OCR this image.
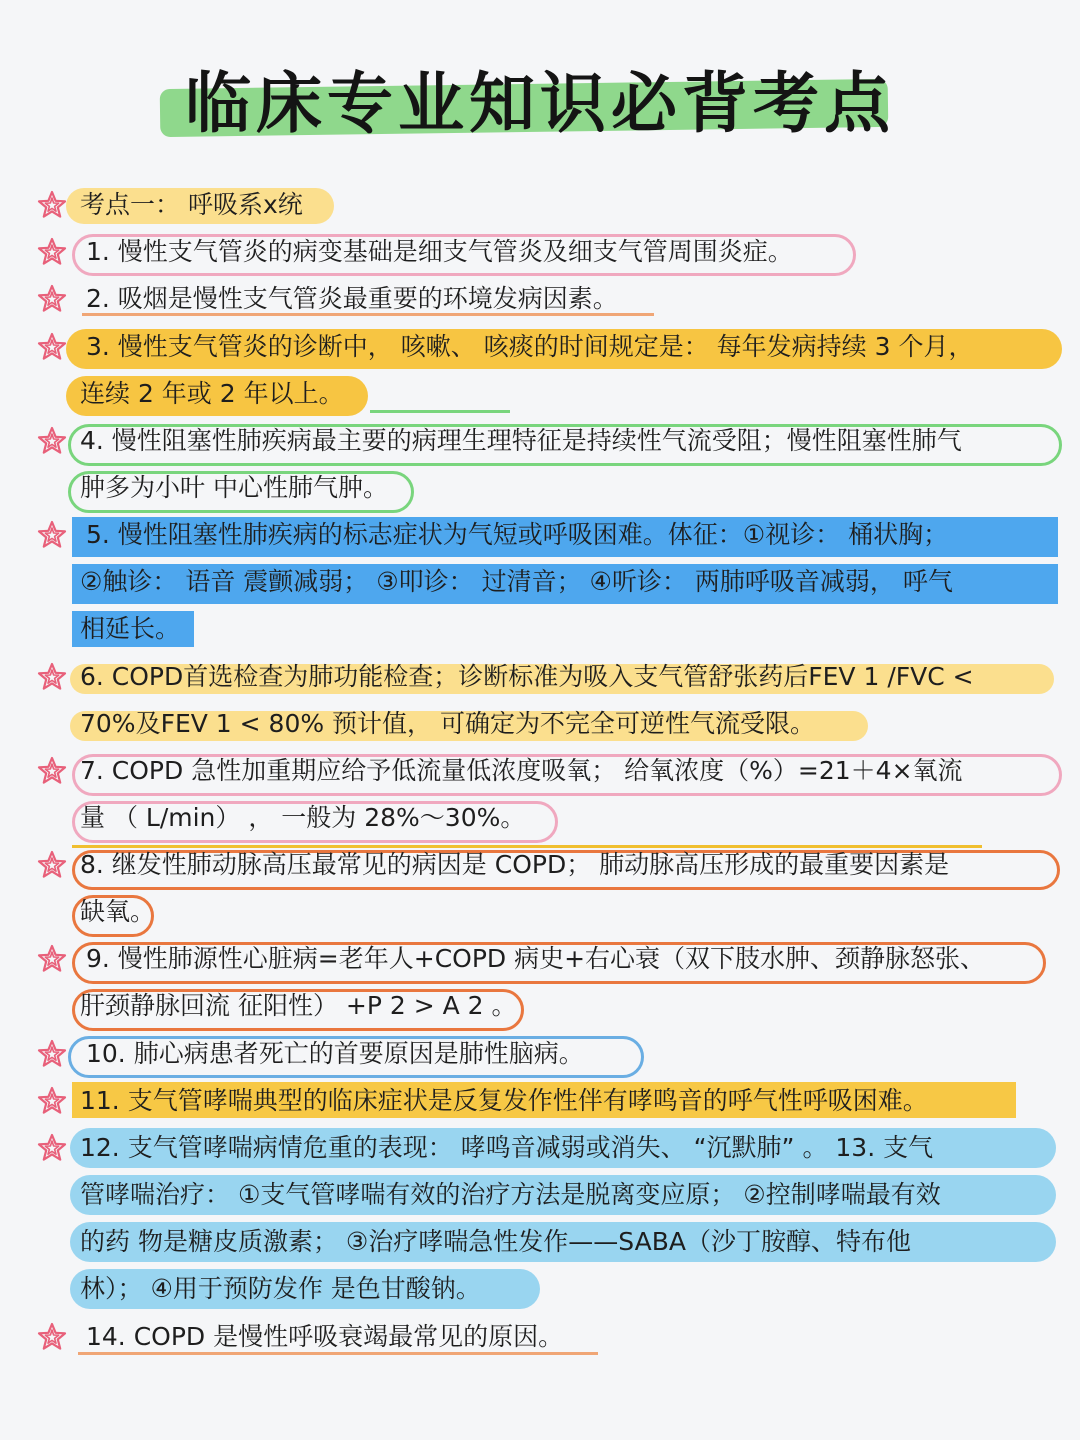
临床专业知识必背考点
考点一： 呼吸系x统
1. 慢性支气管炎的病变基础是细支气管炎及细支气管周围炎症。
2. 吸烟是慢性支气管炎最重要的环境发病因素。
3. 慢性支气管炎的诊断中， 咳嗽、 咳痰的时间规定是： 每年发病持续 3 个月，
连续 2 年或 2 年以上。
4. 慢性阻塞性肺疾病最主要的病理生理特征是持续性气流受阻；慢性阻塞性肺气
肿多为小叶 中心性肺气肿。
5. 慢性阻塞性肺疾病的标志症状为气短或呼吸困难。体征：①视诊： 桶状胸；
②触诊： 语音 震颤减弱； ③叩诊： 过清音； ④听诊： 两肺呼吸音减弱， 呼气
相延长。
6. COPD首选检查为肺功能检查；诊断标准为吸入支气管舒张药后FEV 1 /FVC <
70%及FEV 1 < 80% 预计值， 可确定为不完全可逆性气流受限。
7. COPD 急性加重期应给予低流量低浓度吸氧； 给氧浓度（%）=21＋4×氧流
量 （ L/min） ， 一般为 28%～30%。
8. 继发性肺动脉高压最常见的病因是 COPD； 肺动脉高压形成的最重要因素是
缺氧。
9. 慢性肺源性心脏病=老年人+COPD 病史+右心衰（双下肢水肿、颈静脉怒张、
肝颈静脉回流 征阳性） +P 2 > A 2 。
10. 肺心病患者死亡的首要原因是肺性脑病。
11. 支气管哮喘典型的临床症状是反复发作性伴有哮鸣音的呼气性呼吸困难。
12. 支气管哮喘病情危重的表现： 哮鸣音减弱或消失、 “沉默肺” 。 13. 支气
管哮喘治疗： ①支气管哮喘有效的治疗方法是脱离变应原； ②控制哮喘最有效
的药 物是糖皮质激素； ③治疗哮喘急性发作——SABA（沙丁胺醇、特布他
林）； ④用于预防发作 是色甘酸钠。
14. COPD 是慢性呼吸衰竭最常见的原因。
